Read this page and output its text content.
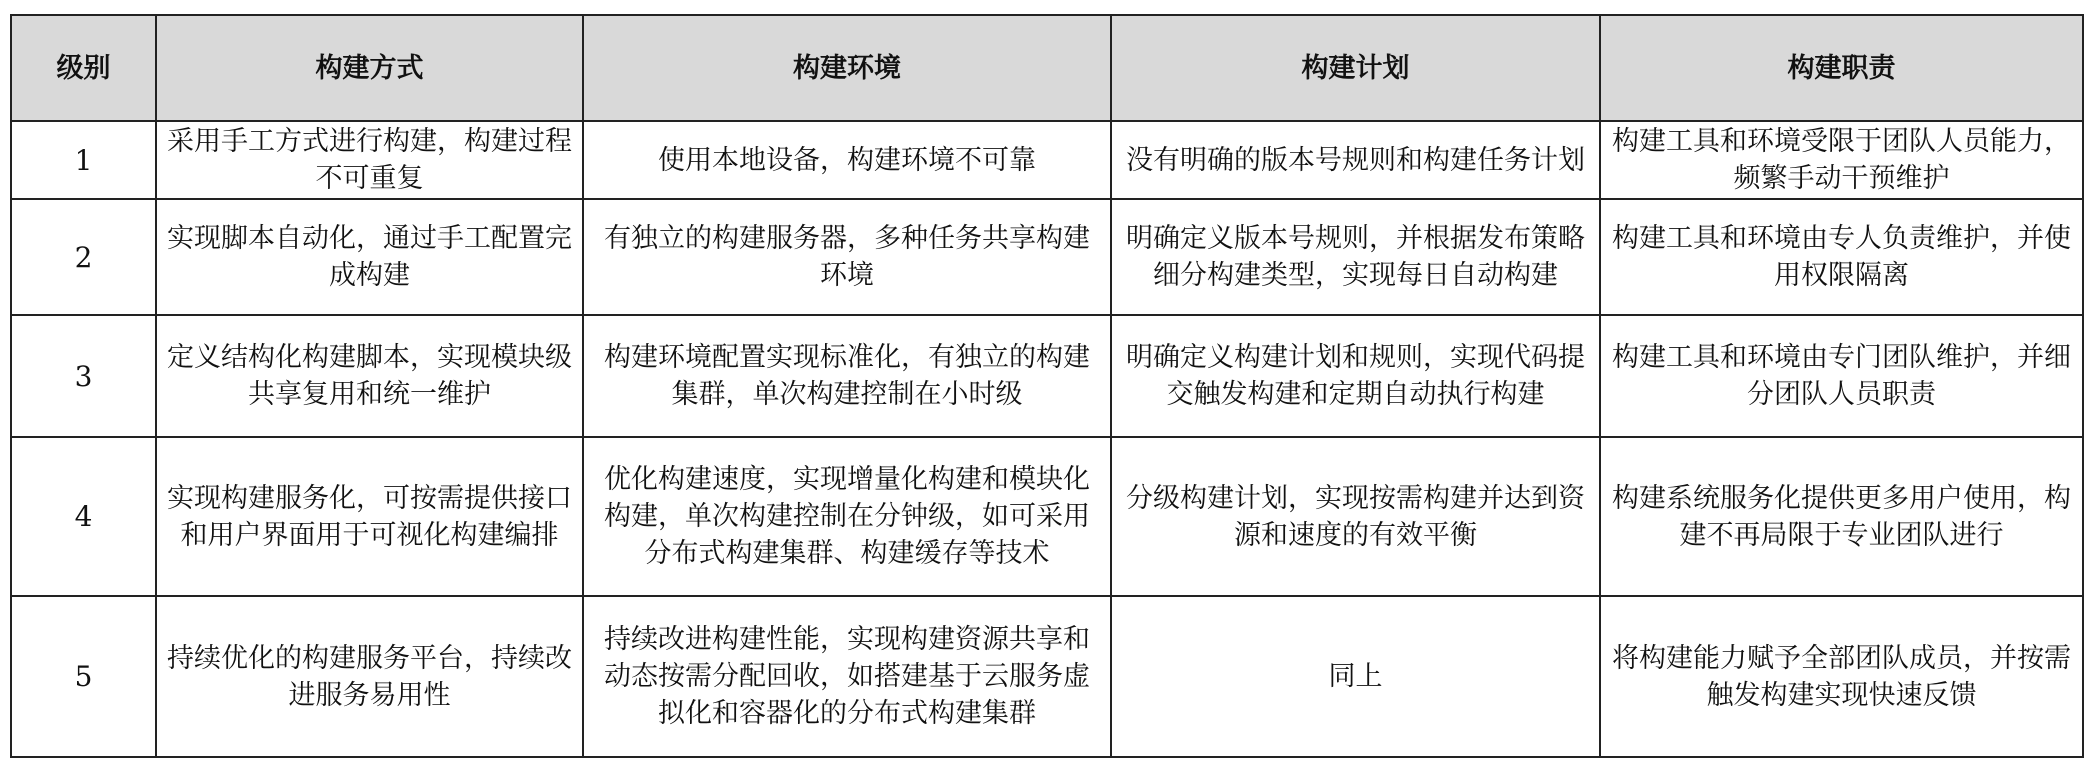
级别	构建方式	构建环境	构建计划	构建职责
1	采用手工方式进行构建，构建过程不可重复	使用本地设备，构建环境不可靠	没有明确的版本号规则和构建任务计划	构建工具和环境受限于团队人员能力，频繁手动干预维护
2	实现脚本自动化，通过手工配置完成构建	有独立的构建服务器，多种任务共享构建环境	明确定义版本号规则，并根据发布策略细分构建类型，实现每日自动构建	构建工具和环境由专人负责维护，并使用权限隔离
3	定义结构化构建脚本，实现模块级共享复用和统一维护	构建环境配置实现标准化，有独立的构建集群，单次构建控制在小时级	明确定义构建计划和规则，实现代码提交触发构建和定期自动执行构建	构建工具和环境由专门团队维护，并细分团队人员职责
4	实现构建服务化，可按需提供接口和用户界面用于可视化构建编排	优化构建速度，实现增量化构建和模块化构建，单次构建控制在分钟级，如可采用分布式构建集群、构建缓存等技术	分级构建计划，实现按需构建并达到资源和速度的有效平衡	构建系统服务化提供更多用户使用，构建不再局限于专业团队进行
5	持续优化的构建服务平台，持续改进服务易用性	持续改进构建性能，实现构建资源共享和动态按需分配回收，如搭建基于云服务虚拟化和容器化的分布式构建集群	同上	将构建能力赋予全部团队成员，并按需触发构建实现快速反馈
